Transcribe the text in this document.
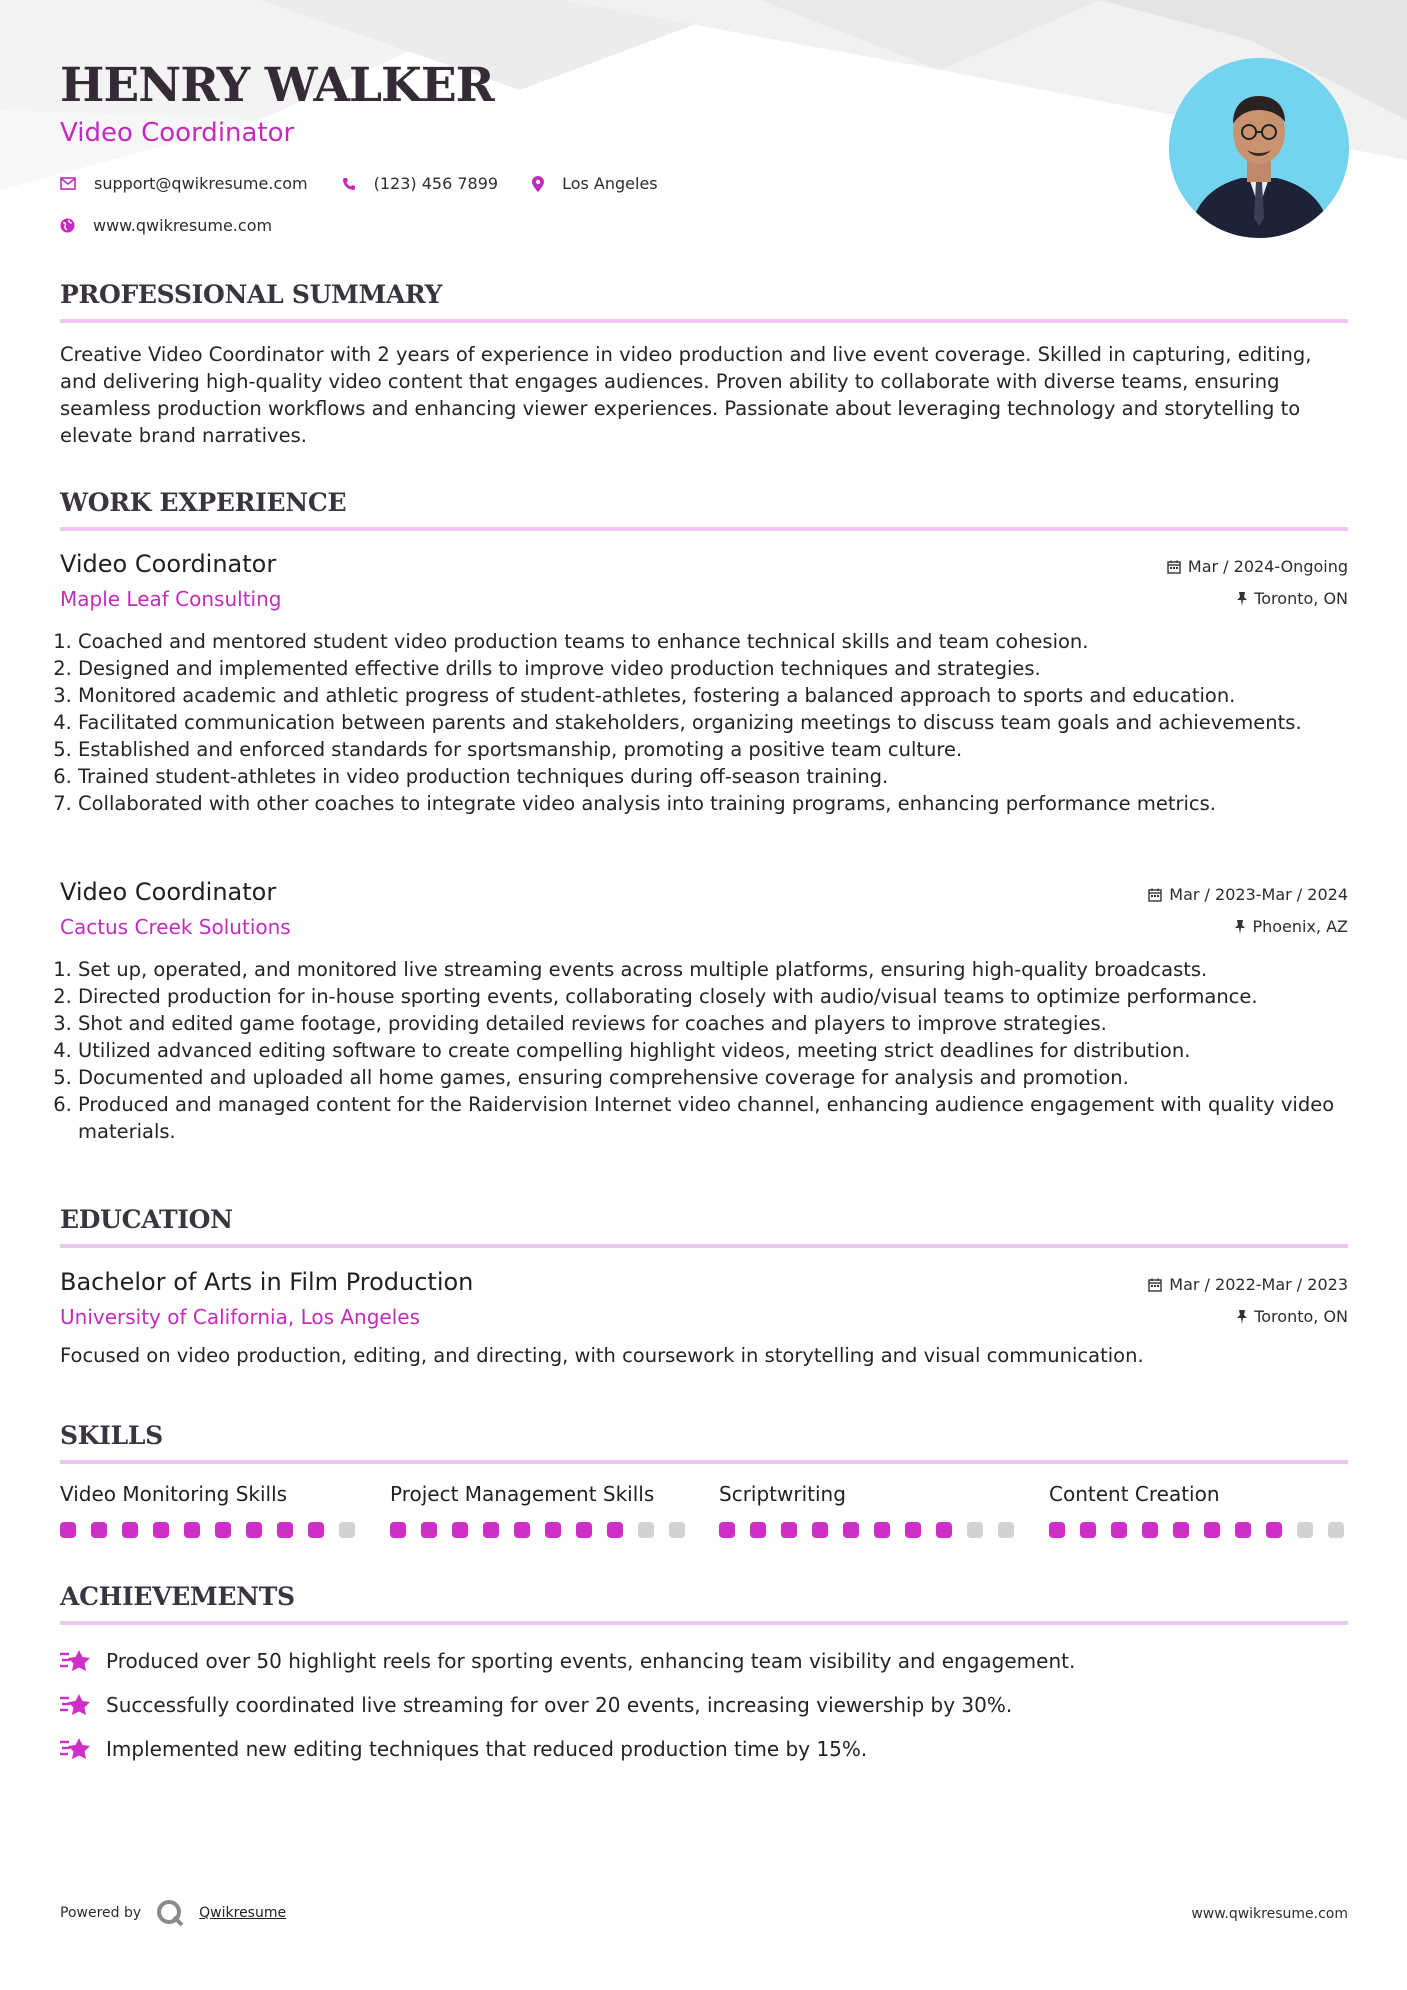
HENRY WALKER
Video Coordinator
support@qwikresume.com	(123) 456 7899	Los Angeles
www.qwikresume.com
PROFESSIONAL SUMMARY

Creative Video Coordinator with 2 years of experience in video production and live event coverage. Skilled in capturing, editing, and delivering high-quality video content that engages audiences. Proven ability to collaborate with diverse teams, ensuring seamless production workflows and enhancing viewer experiences. Passionate about leveraging technology and storytelling to elevate brand narratives.

WORK EXPERIENCE
Video Coordinator
Maple Leaf Consulting
Mar / 2024-Ongoing
Toronto, ON
1. Coached and mentored student video production teams to enhance technical skills and team cohesion.
2. Designed and implemented effective drills to improve video production techniques and strategies.
3. Monitored academic and athletic progress of student-athletes, fostering a balanced approach to sports and education.
4. Facilitated communication between parents and stakeholders, organizing meetings to discuss team goals and achievements.
5. Established and enforced standards for sportsmanship, promoting a positive team culture.
6. Trained student-athletes in video production techniques during off-season training.
7. Collaborated with other coaches to integrate video analysis into training programs, enhancing performance metrics.
Video Coordinator
Cactus Creek Solutions
Mar / 2023-Mar / 2024
Phoenix, AZ
1. Set up, operated, and monitored live streaming events across multiple platforms, ensuring high-quality broadcasts.
2. Directed production for in-house sporting events, collaborating closely with audio/visual teams to optimize performance.
3. Shot and edited game footage, providing detailed reviews for coaches and players to improve strategies.
4. Utilized advanced editing software to create compelling highlight videos, meeting strict deadlines for distribution.
5. Documented and uploaded all home games, ensuring comprehensive coverage for analysis and promotion.
6. Produced and managed content for the Raidervision Internet video channel, enhancing audience engagement with quality video materials.
EDUCATION
Bachelor of Arts in Film Production
University of California, Los Angeles
Mar / 2022-Mar / 2023
Toronto, ON

Focused on video production, editing, and directing, with coursework in storytelling and visual communication.

SKILLS
Video Monitoring Skills	Project Management Skills	Scriptwriting	Content Creation
ACHIEVEMENTS
Produced over 50 highlight reels for sporting events, enhancing team visibility and engagement.
Successfully coordinated live streaming for over 20 events, increasing viewership by 30%.
Implemented new editing techniques that reduced production time by 15%.
Powered by	Qwikresume	www.qwikresume.com
